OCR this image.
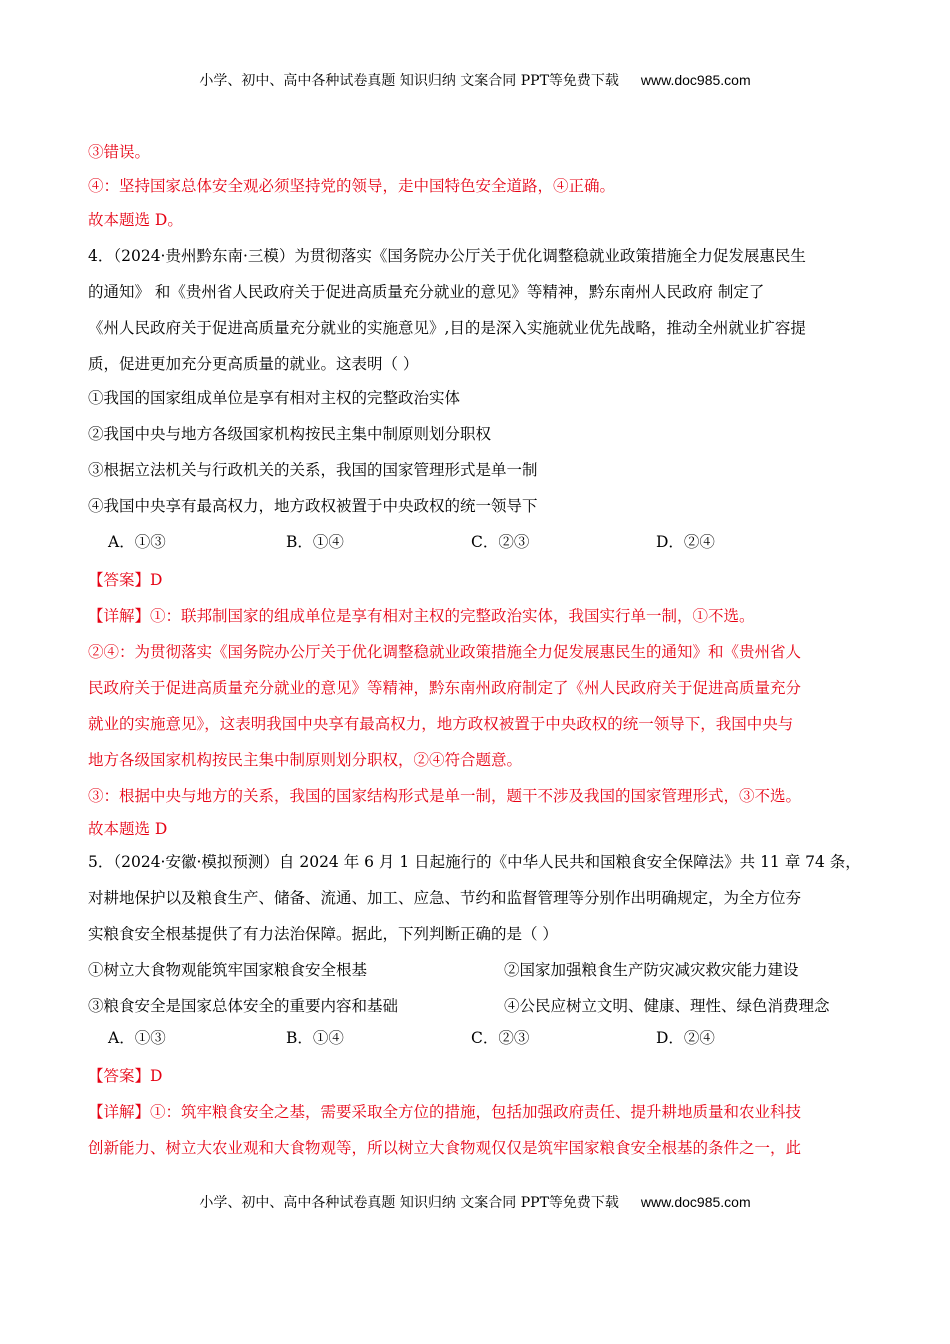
小学、初中、高中各种试卷真题 知识归纳 文案合同 PPT等免费下载 www.doc985.com
③错误。
④：坚持国家总体安全观必须坚持党的领导，走中国特色安全道路，④正确。
故本题选 D。
4．（2024·贵州黔东南·三模）为贯彻落实《国务院办公厅关于优化调整稳就业政策措施全力促发展惠民生
的通知》 和《贵州省人民政府关于促进高质量充分就业的意见》等精神，黔东南州人民政府 制定了
《州人民政府关于促进高质量充分就业的实施意见》,目的是深入实施就业优先战略，推动全州就业扩容提
质，促进更加充分更高质量的就业。这表明（ ）
①我国的国家组成单位是享有相对主权的完整政治实体
②我国中央与地方各级国家机构按民主集中制原则划分职权
③根据立法机关与行政机关的关系，我国的国家管理形式是单一制
④我国中央享有最高权力，地方政权被置于中央政权的统一领导下
A．①③	B．①④	C．②③	D．②④
【答案】D
【详解】①：联邦制国家的组成单位是享有相对主权的完整政治实体，我国实行单一制，①不选。
②④：为贯彻落实《国务院办公厅关于优化调整稳就业政策措施全力促发展惠民生的通知》和《贵州省人
民政府关于促进高质量充分就业的意见》等精神，黔东南州政府制定了《州人民政府关于促进高质量充分
就业的实施意见》，这表明我国中央享有最高权力，地方政权被置于中央政权的统一领导下，我国中央与
地方各级国家机构按民主集中制原则划分职权，②④符合题意。
③：根据中央与地方的关系，我国的国家结构形式是单一制，题干不涉及我国的国家管理形式，③不选。
故本题选 D
5．（2024·安徽·模拟预测）自 2024 年 6 月 1 日起施行的《中华人民共和国粮食安全保障法》共 11 章 74 条，
对耕地保护以及粮食生产、储备、流通、加工、应急、节约和监督管理等分别作出明确规定，为全方位夯
实粮食安全根基提供了有力法治保障。据此，下列判断正确的是（ ）
①树立大食物观能筑牢国家粮食安全根基	②国家加强粮食生产防灾减灾救灾能力建设
③粮食安全是国家总体安全的重要内容和基础	④公民应树立文明、健康、理性、绿色消费理念
A．①③	B．①④	C．②③	D．②④
【答案】D
【详解】①：筑牢粮食安全之基，需要采取全方位的措施，包括加强政府责任、提升耕地质量和农业科技
创新能力、树立大农业观和大食物观等，所以树立大食物观仅仅是筑牢国家粮食安全根基的条件之一，此
小学、初中、高中各种试卷真题 知识归纳 文案合同 PPT等免费下载 www.doc985.com
